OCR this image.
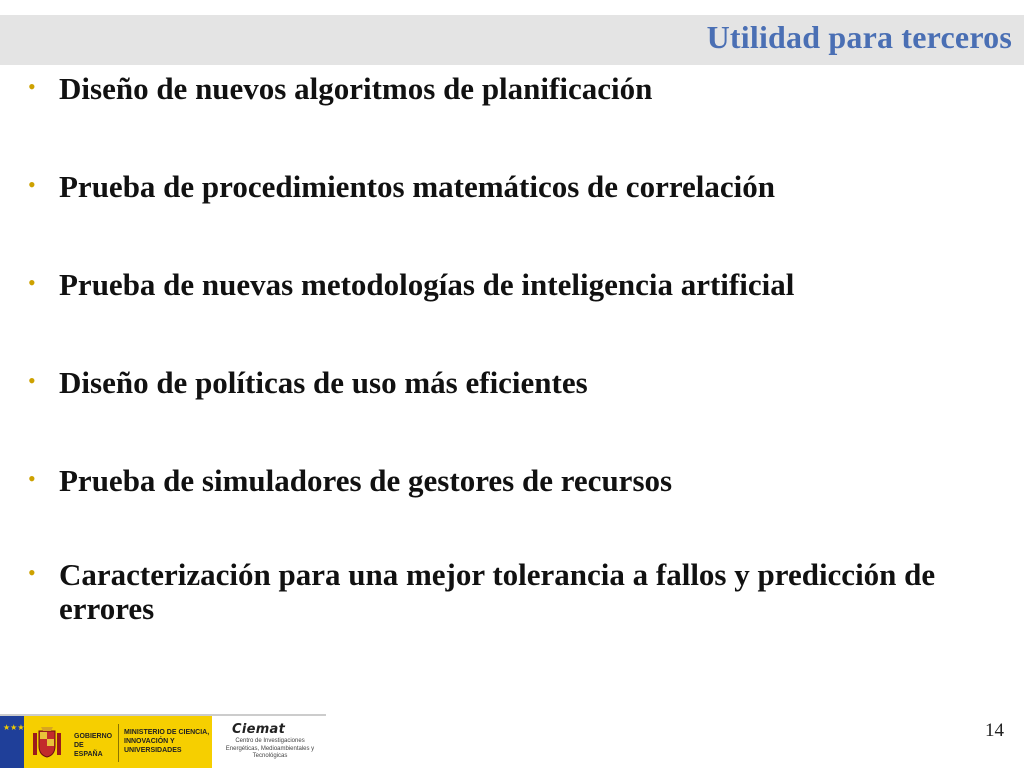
Utilidad para terceros
• Diseño de nuevos algoritmos de planificación
• Prueba de procedimientos matemáticos de correlación
• Prueba de nuevas metodologías de inteligencia artificial
• Diseño de políticas de uso más eficientes
• Prueba de simuladores de gestores de recursos
• Caracterización para una mejor tolerancia a fallos y predicción de errores
★★★
GOBIERNO DE ESPAÑA
MINISTERIO DE CIENCIA, INNOVACIÓN Y UNIVERSIDADES
Ciemat
Centro de Investigaciones Energéticas, Medioambientales y Tecnológicas
14
